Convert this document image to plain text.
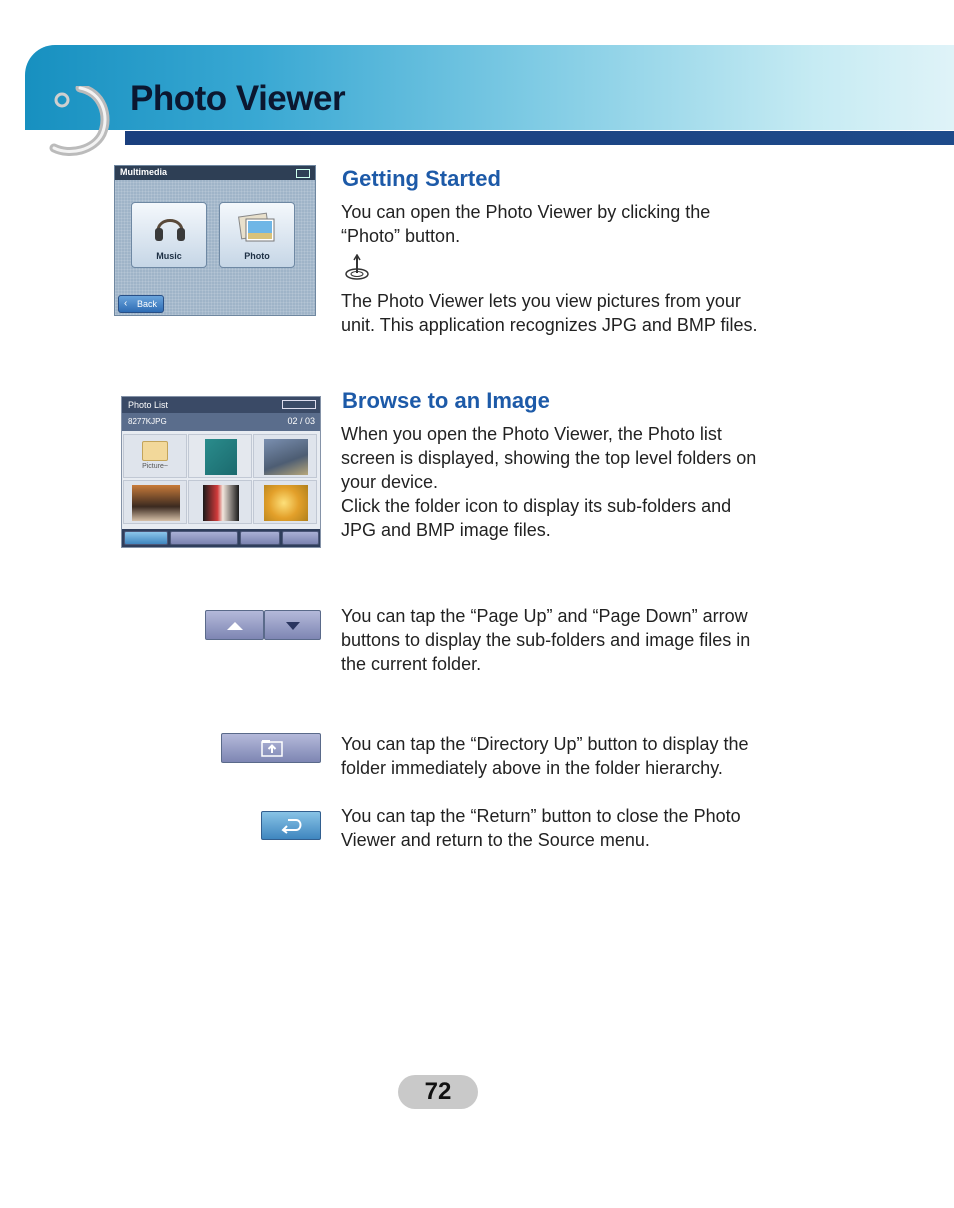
Photo Viewer
Multimedia
Music	Photo
‹ Back
Getting Started
You can open the Photo Viewer by clicking the
“Photo” button.
The Photo Viewer lets you view pictures from your
unit. This application recognizes JPG and BMP files.
Photo List
8277KJPG	02 / 03
Picture~
Browse to an Image
When you open the Photo Viewer, the Photo list
screen is displayed, showing the top level folders on
your device.
Click the folder icon to display its sub-folders and
JPG and BMP image files.
You can tap the “Page Up” and “Page Down” arrow
buttons to display the sub-folders and image files in
the current folder.
You can tap the “Directory Up” button to display the
folder immediately above in the folder hierarchy.
You can tap the “Return” button to close the Photo
Viewer and return to the Source menu.
72
